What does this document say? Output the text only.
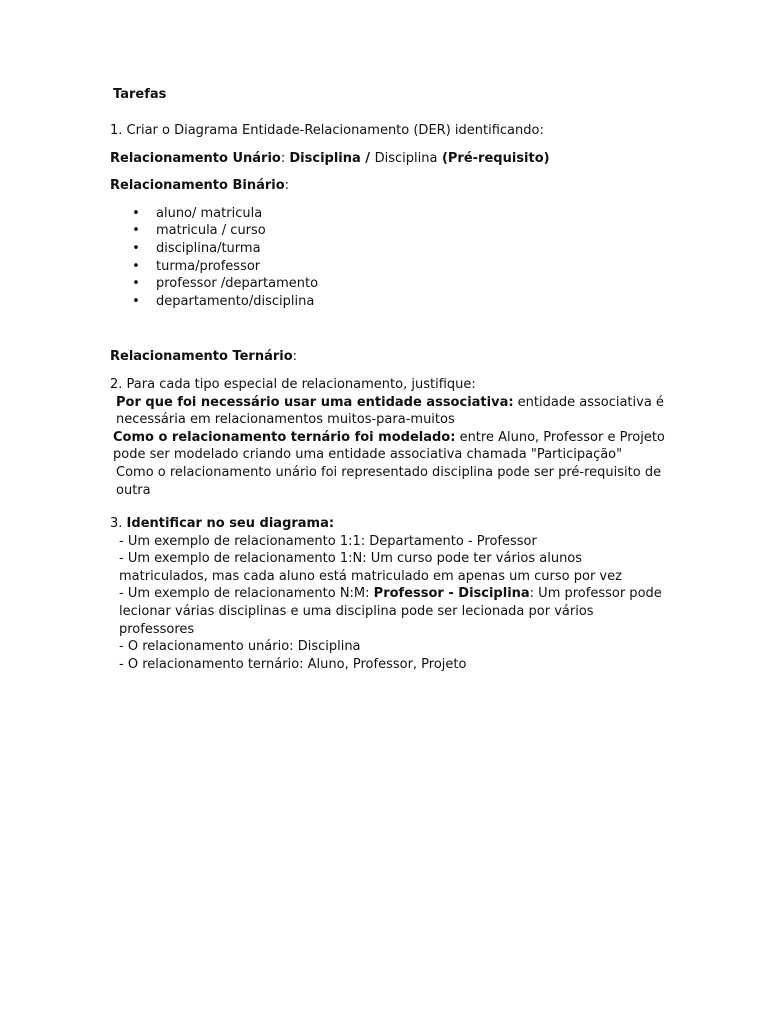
Tarefas
1. Criar o Diagrama Entidade-Relacionamento (DER) identificando:
Relacionamento Unário: Disciplina / Disciplina (Pré-requisito)
Relacionamento Binário:
• aluno/ matricula
• matricula / curso
• disciplina/turma
• turma/professor
• professor /departamento
• departamento/disciplina
Relacionamento Ternário:
2. Para cada tipo especial de relacionamento, justifique:
Por que foi necessário usar uma entidade associativa: entidade associativa é necessária em relacionamentos muitos-para-muitos
Como o relacionamento ternário foi modelado: entre Aluno, Professor e Projeto pode ser modelado criando uma entidade associativa chamada "Participação"
Como o relacionamento unário foi representado disciplina pode ser pré-requisito de outra
3. Identificar no seu diagrama:
- Um exemplo de relacionamento 1:1: Departamento - Professor
- Um exemplo de relacionamento 1:N: Um curso pode ter vários alunos matriculados, mas cada aluno está matriculado em apenas um curso por vez
- Um exemplo de relacionamento N:M: Professor - Disciplina: Um professor pode lecionar várias disciplinas e uma disciplina pode ser lecionada por vários professores
- O relacionamento unário: Disciplina
- O relacionamento ternário: Aluno, Professor, Projeto
